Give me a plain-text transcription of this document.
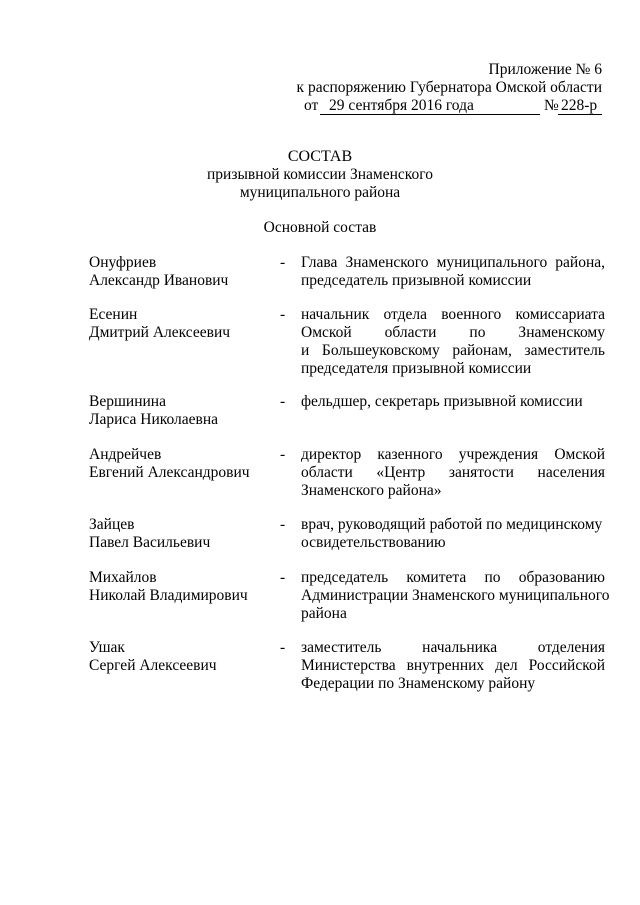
Приложение № 6
к распоряжению Губернатора Омской области
от 29 сентября 2016 года	№ 228-р
СОСТАВ
призывной комиссии Знаменского
муниципального района
Основной состав
Онуфриев
Александр Иванович
- Глава Знаменского муниципального района,
председатель призывной комиссии
Есенин
Дмитрий Алексеевич
- начальник отдела военного комиссариата
Омской области по Знаменскому
и Большеуковскому районам, заместитель
председателя призывной комиссии
Вершинина
Лариса Николаевна
- фельдшер, секретарь призывной комиссии
Андрейчев
Евгений Александрович
- директор казенного учреждения Омской
области «Центр занятости населения
Знаменского района»
Зайцев
Павел Васильевич
- врач, руководящий работой по медицинскому
освидетельствованию
Михайлов
Николай Владимирович
- председатель комитета по образованию
Администрации Знаменского муниципального
района
Ушак
Сергей Алексеевич
- заместитель начальника отделения
Министерства внутренних дел Российской
Федерации по Знаменскому району
